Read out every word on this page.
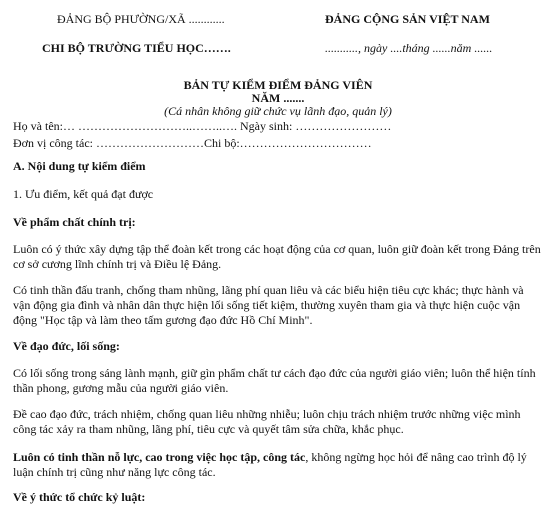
ĐẢNG BỘ PHƯỜNG/XÃ ............	ĐẢNG CỘNG SẢN VIỆT NAM
CHI BỘ TRƯỜNG TIỂU HỌC…….	..........., ngày ....tháng ......năm ......
BẢN TỰ KIỂM ĐIỂM ĐẢNG VIÊN
NĂM .......
(Cá nhân không giữ chức vụ lãnh đạo, quản lý)
Họ và tên:… ………………………..……..…. Ngày sinh: ……………………
Đơn vị công tác: ………………………Chi bộ:……………………………
A. Nội dung tự kiểm điểm
1. Ưu điểm, kết quả đạt được
Về phẩm chất chính trị:
Luôn có ý thức xây dựng tập thể đoàn kết trong các hoạt động của cơ quan, luôn giữ đoàn kết trong Đảng trên cơ sở cương lĩnh chính trị và Điều lệ Đảng.
Có tinh thần đấu tranh, chống tham nhũng, lãng phí quan liêu và các biểu hiện tiêu cực khác; thực hành và vận động gia đình và nhân dân thực hiện lối sống tiết kiệm, thường xuyên tham gia và thực hiện cuộc vận động "Học tập và làm theo tấm gương đạo đức Hồ Chí Minh".
Về đạo đức, lối sống:
Có lối sống trong sáng lành mạnh, giữ gìn phẩm chất tư cách đạo đức của người giáo viên; luôn thể hiện tính thần phong, gương mẫu của người giáo viên.
Đề cao đạo đức, trách nhiệm, chống quan liêu những nhiễu; luôn chịu trách nhiệm trước những việc mình công tác xảy ra tham nhũng, lãng phí, tiêu cực và quyết tâm sửa chữa, khắc phục.
Luôn có tinh thần nỗ lực, cao trong việc học tập, công tác, không ngừng học hỏi để nâng cao trình độ lý luận chính trị cũng như năng lực công tác.
Về ý thức tổ chức kỷ luật:
